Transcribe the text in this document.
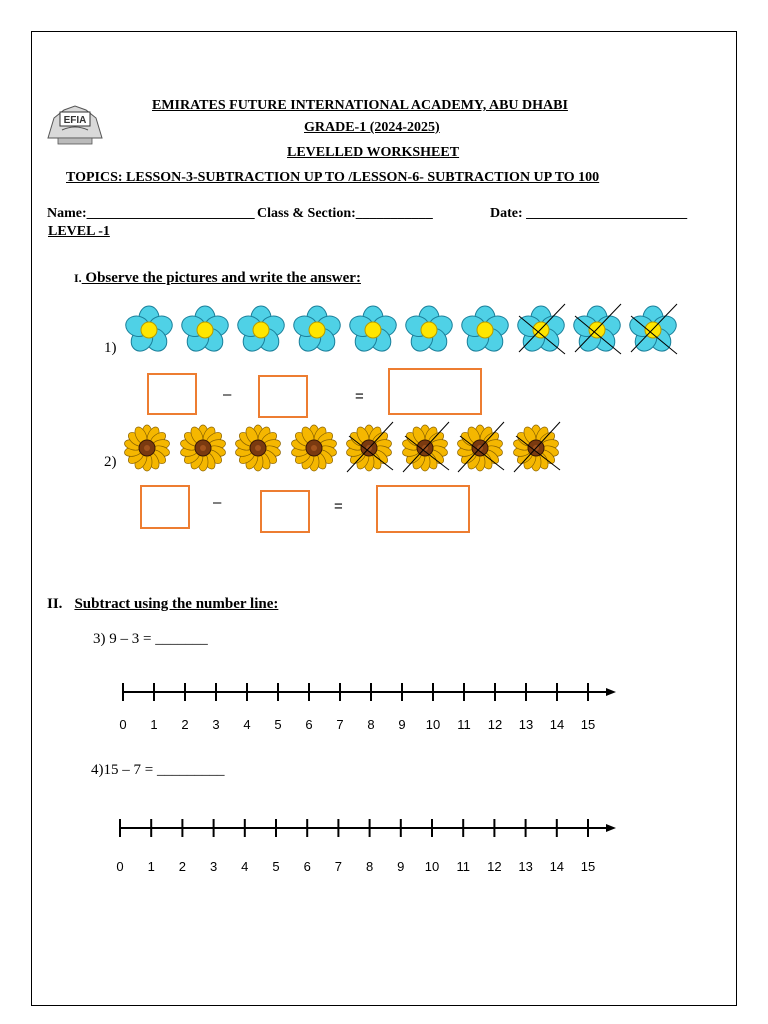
EFIA
EMIRATES FUTURE INTERNATIONAL ACADEMY, ABU DHABI
GRADE-1 (2024-2025)
LEVELLED WORKSHEET
TOPICS: LESSON-3-SUBTRACTION UP TO /LESSON-6- SUBTRACTION UP TO 100
Name:________________________ Class & Section:___________	Date: _______________________
LEVEL -1
I. Observe the pictures and write the answer:
1)
–	=
2)
–	=
II. Subtract using the number line:
3) 9 – 3 = _______
0 1 2 3 4 5 6 7 8 9 10 11 12 13 14 15
0 1 2 3 4 5 6 7 8 9 10 11 12 13 14 15
4)15 – 7 = _________
